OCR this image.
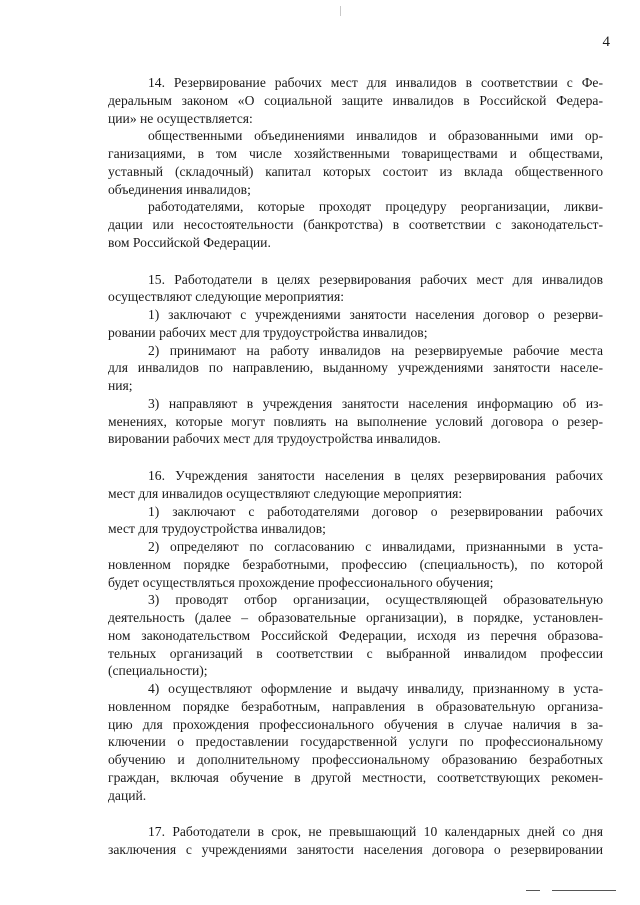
4
14. Резервирование рабочих мест для инвалидов в соответствии с Фе-
деральным законом «О социальной защите инвалидов в Российской Федера-
ции» не осуществляется:
общественными объединениями инвалидов и образованными ими ор-
ганизациями, в том числе хозяйственными товариществами и обществами,
уставный (складочный) капитал которых состоит из вклада общественного
объединения инвалидов;
работодателями, которые проходят процедуру реорганизации, ликви-
дации или несостоятельности (банкротства) в соответствии с законодательст-
вом Российской Федерации.
15. Работодатели в целях резервирования рабочих мест для инвалидов
осуществляют следующие мероприятия:
1) заключают с учреждениями занятости населения договор о резерви-
ровании рабочих мест для трудоустройства инвалидов;
2) принимают на работу инвалидов на резервируемые рабочие места
для инвалидов по направлению, выданному учреждениями занятости населе-
ния;
3) направляют в учреждения занятости населения информацию об из-
менениях, которые могут повлиять на выполнение условий договора о резер-
вировании рабочих мест для трудоустройства инвалидов.
16. Учреждения занятости населения в целях резервирования рабочих
мест для инвалидов осуществляют следующие мероприятия:
1) заключают с работодателями договор о резервировании рабочих
мест для трудоустройства инвалидов;
2) определяют по согласованию с инвалидами, признанными в уста-
новленном порядке безработными, профессию (специальность), по которой
будет осуществляться прохождение профессионального обучения;
3) проводят отбор организации, осуществляющей образовательную
деятельность (далее – образовательные организации), в порядке, установлен-
ном законодательством Российской Федерации, исходя из перечня образова-
тельных организаций в соответствии с выбранной инвалидом профессии
(специальности);
4) осуществляют оформление и выдачу инвалиду, признанному в уста-
новленном порядке безработным, направления в образовательную организа-
цию для прохождения профессионального обучения в случае наличия в за-
ключении о предоставлении государственной услуги по профессиональному
обучению и дополнительному профессиональному образованию безработных
граждан, включая обучение в другой местности, соответствующих рекомен-
даций.
17. Работодатели в срок, не превышающий 10 календарных дней со дня
заключения с учреждениями занятости населения договора о резервировании
